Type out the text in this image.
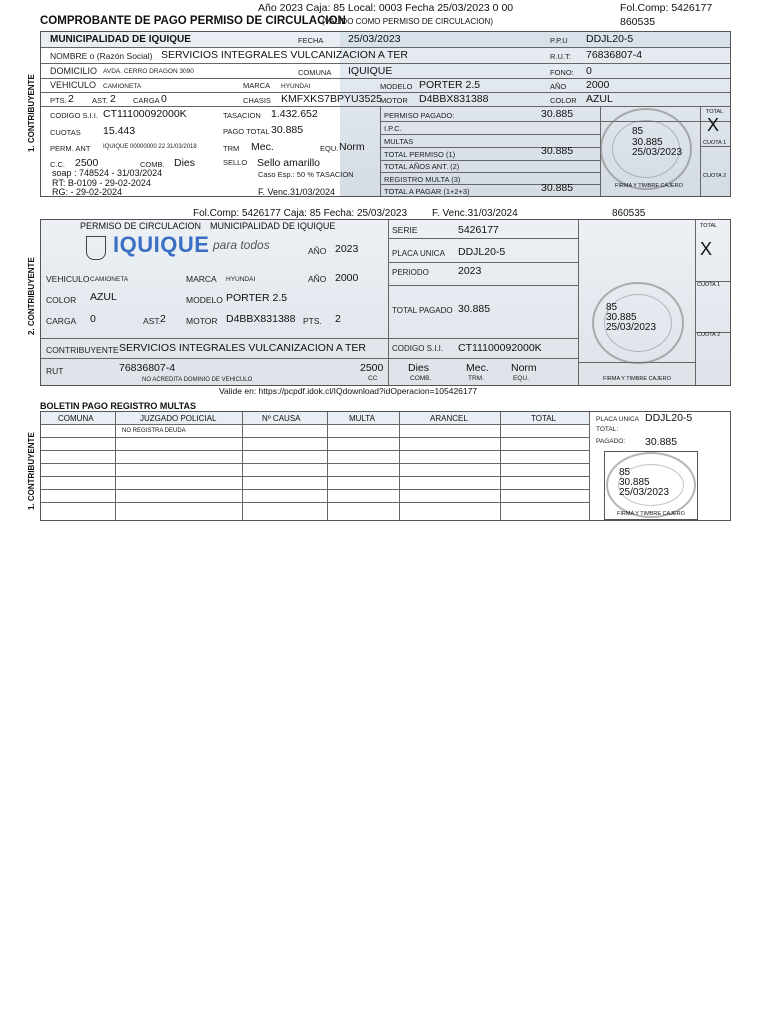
Año 2023 Caja: 85 Local: 0003 Fecha 25/03/2023 0 00	Fol.Comp: 5426177
860535
COMPROBANTE DE PAGO PERMISO DE CIRCULACION
(VALIDO COMO PERMISO DE CIRCULACION)
1. CONTRIBUYENTE
MUNICIPALIDAD DE IQUIQUE	FECHA 25/03/2023	P.P.U DDJL20-5
NOMBRE o (Razón Social) SERVICIOS INTEGRALES VULCANIZACION A TER	R.U.T: 76836807-4
DOMICILIO AVDA. CERRO DRAGON 3090	COMUNA IQUIQUE	FONO: 0
VEHICULO CAMIONETA	MARCA HYUNDAI	MODELO PORTER 2.5	AÑO 2000
PTS. 2 AST. 2 CARGA 0	CHASIS KMFXKS7BPYU3525
MOTOR D4BBX831388	COLOR AZUL
CODIGO S.I.I. CT11100092000K	TASACION 1.432.652
CUOTAS 15.443	PAGO TOTAL 30.885
PERM. ANT IQUIQUE 00000000 22 31/03/2018	TRM Mec.	EQU. Norm
C.C. 2500	COMB. Dies	SELLO Sello amarillo
soap : 748524 - 31/03/2024
RT: B-0109 - 29-02-2024
RG: - 29-02-2024
Caso Esp.: 50 % TASACION
F. Venc.31/03/2024
PERMISO PAGADO:	30.885
I.P.C.
MULTAS
TOTAL PERMISO (1)	30.885
TOTAL AÑOS ANT. (2)
REGISTRO MULTA (3)
TOTAL A PAGAR (1+2+3)	30.885
85
30.885
25/03/2023
FIRMA Y TIMBRE CAJERO
TOTAL
X
CUOTA 1
CUOTA 2
Fol.Comp: 5426177 Caja: 85 Fecha: 25/03/2023 F. Venc.31/03/2024	860535
2. CONTRIBUYENTE
PERMISO DE CIRCULACION MUNICIPALIDAD DE IQUIQUE
IQUIQUE para todos	AÑO 2023
SERIE	5426177
PLACA UNICA DDJL20-5
PERIODO	2023
VEHICULO CAMIONETA	MARCA HYUNDAI	AÑO 2000
COLOR AZUL	MODELO PORTER 2.5
TOTAL PAGADO 30.885
CARGA 0	AST. 2 MOTOR D4BBX831388 PTS. 2
CONTRIBUYENTE SERVICIOS INTEGRALES VULCANIZACION A TER	CODIGO S.I.I. CT11100092000K
RUT	76836807-4	2500
CC
Dies
COMB.
Mec.
TRM.
Norm
EQU.
NO ACREDITA DOMINIO DE VEHICULO
85
30.885
25/03/2023
FIRMA Y TIMBRE CAJERO
TOTAL
X
CUOTA 1
CUOTA 2
Valide en: https://pcpdf.idok.cl/IQdownload?idOperacion=105426177
BOLETIN PAGO REGISTRO MULTAS
1. CONTRIBUYENTE
COMUNA	JUZGADO POLICIAL	Nº CAUSA	MULTA	ARANCEL	TOTAL
NO REGISTRA DEUDA
PLACA UNICA DDJL20-5
TOTAL:
PAGADO: 30.885
85
30.885
25/03/2023
FIRMA Y TIMBRE CAJERO
